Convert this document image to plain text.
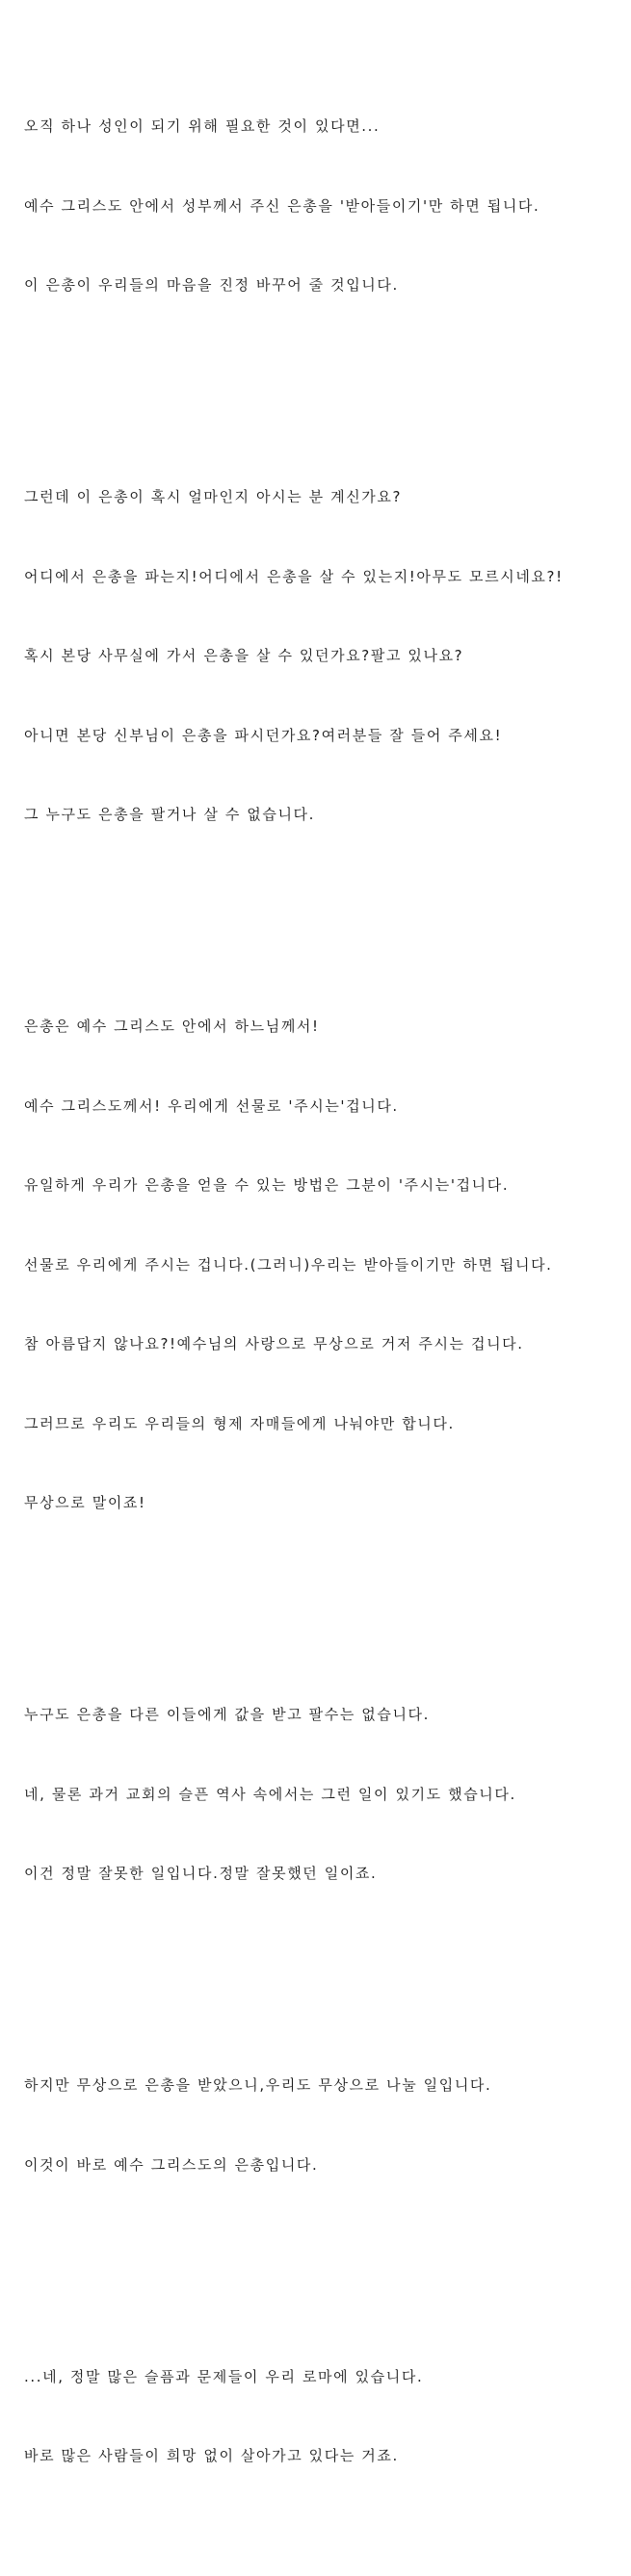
오직 하나 성인이 되기 위해 필요한 것이 있다면...

예수 그리스도 안에서 성부께서 주신 은총을 '받아들이기'만 하면 됩니다.

이 은총이 우리들의 마음을 진정 바꾸어 줄 것입니다.

그런데 이 은총이 혹시 얼마인지 아시는 분 계신가요?

어디에서 은총을 파는지!어디에서 은총을 살 수 있는지!아무도 모르시네요?!

혹시 본당 사무실에 가서 은총을 살 수 있던가요?팔고 있나요?

아니면 본당 신부님이 은총을 파시던가요?여러분들 잘 들어 주세요!

그 누구도 은총을 팔거나 살 수 없습니다.

은총은 예수 그리스도 안에서 하느님께서!

예수 그리스도께서! 우리에게 선물로 '주시는'겁니다.

유일하게 우리가 은총을 얻을 수 있는 방법은 그분이 '주시는'겁니다.

선물로 우리에게 주시는 겁니다.(그러니)우리는 받아들이기만 하면 됩니다.

참 아름답지 않나요?!예수님의 사랑으로 무상으로 거저 주시는 겁니다.

그러므로 우리도 우리들의 형제 자매들에게 나눠야만 합니다.

무상으로 말이죠!

누구도 은총을 다른 이들에게 값을 받고 팔수는 없습니다.

네, 물론 과거 교회의 슬픈 역사 속에서는 그런 일이 있기도 했습니다.

이건 정말 잘못한 일입니다.정말 잘못했던 일이죠.

하지만 무상으로 은총을 받았으니,우리도 무상으로 나눌 일입니다.

이것이 바로 예수 그리스도의 은총입니다.

...네, 정말 많은 슬픔과 문제들이 우리 로마에 있습니다.

바로 많은 사람들이 희망 없이 살아가고 있다는 거죠.
